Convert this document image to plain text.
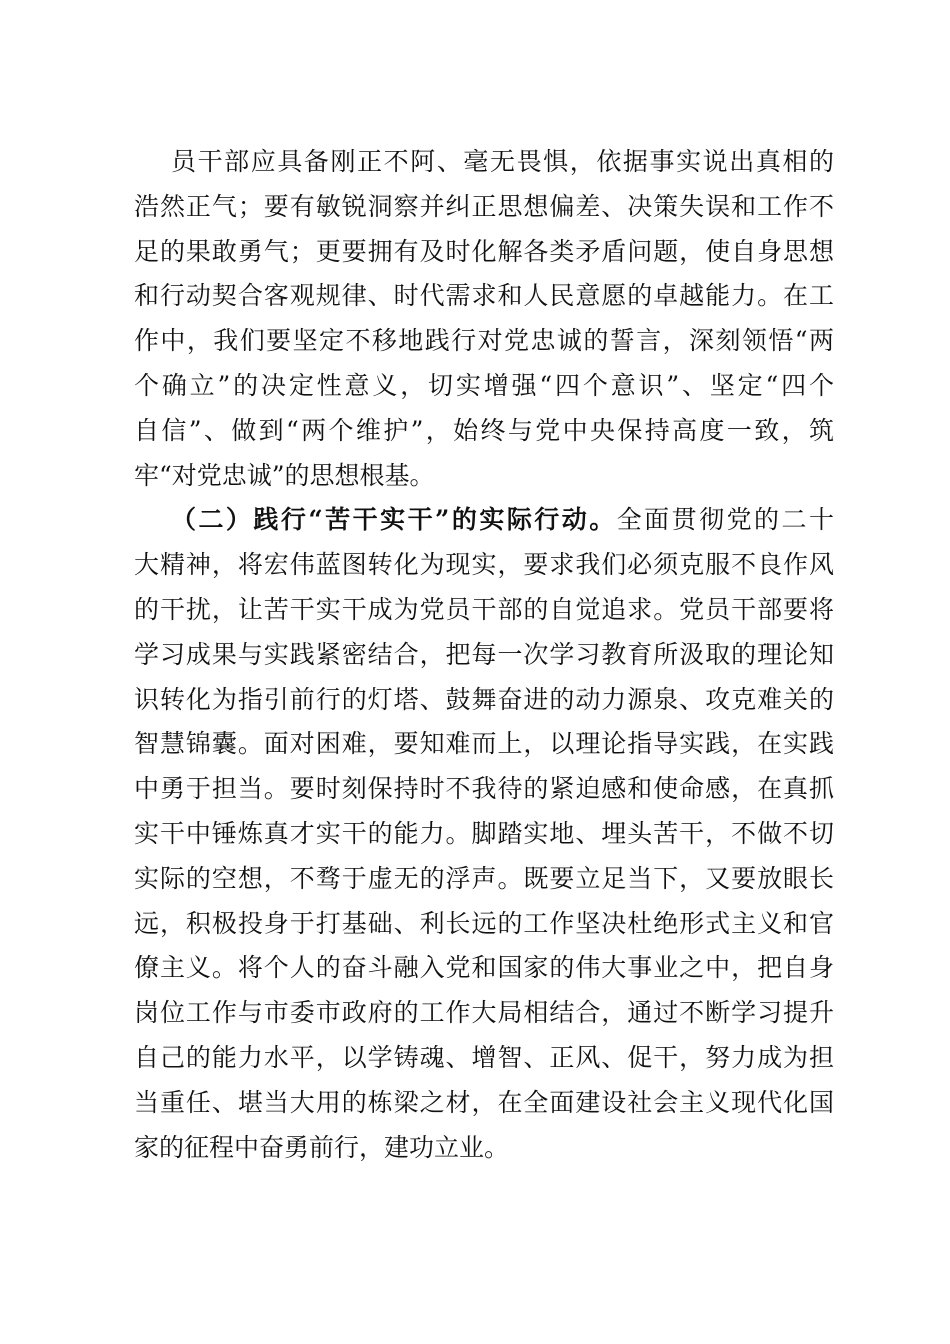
员干部应具备刚正不阿、毫无畏惧，依据事实说出真相的
浩然正气；要有敏锐洞察并纠正思想偏差、决策失误和工作不
足的果敢勇气；更要拥有及时化解各类矛盾问题，使自身思想
和行动契合客观规律、时代需求和人民意愿的卓越能力。在工
作中，我们要坚定不移地践行对党忠诚的誓言，深刻领悟“两
个确立”的决定性意义，切实增强“四个意识”、坚定“四个
自信”、做到“两个维护”，始终与党中央保持高度一致，筑
牢“对党忠诚”的思想根基。
（二）践行“苦干实干”的实际行动。全面贯彻党的二十
大精神，将宏伟蓝图转化为现实，要求我们必须克服不良作风
的干扰，让苦干实干成为党员干部的自觉追求。党员干部要将
学习成果与实践紧密结合，把每一次学习教育所汲取的理论知
识转化为指引前行的灯塔、鼓舞奋进的动力源泉、攻克难关的
智慧锦囊。面对困难，要知难而上，以理论指导实践，在实践
中勇于担当。要时刻保持时不我待的紧迫感和使命感，在真抓
实干中锤炼真才实干的能力。脚踏实地、埋头苦干，不做不切
实际的空想，不骛于虚无的浮声。既要立足当下，又要放眼长
远，积极投身于打基础、利长远的工作坚决杜绝形式主义和官
僚主义。将个人的奋斗融入党和国家的伟大事业之中，把自身
岗位工作与市委市政府的工作大局相结合，通过不断学习提升
自己的能力水平，以学铸魂、增智、正风、促干，努力成为担
当重任、堪当大用的栋梁之材，在全面建设社会主义现代化国
家的征程中奋勇前行，建功立业。
